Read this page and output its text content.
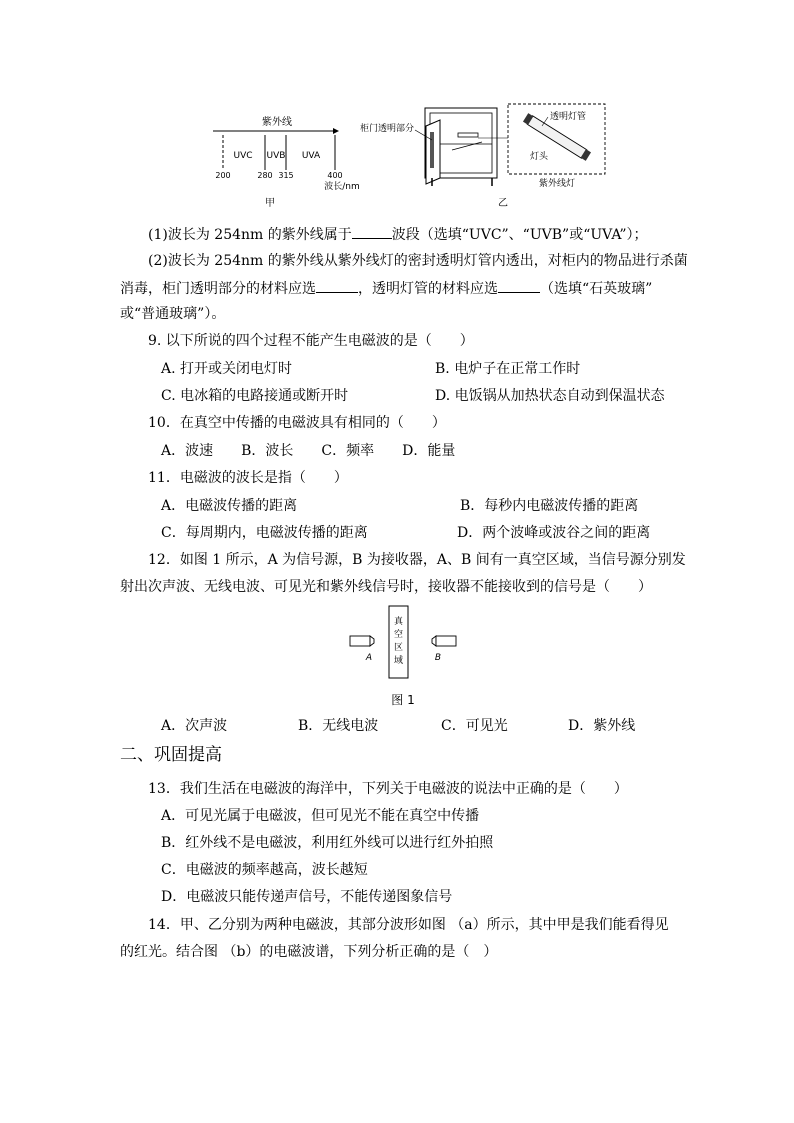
紫外线
UVC UVB UVA
200	280 315	400
波长/nm
甲
柜门透明部分
透明灯管
灯头
紫外线灯
乙
(1)波长为 254nm 的紫外线属于	波段（选填“UVC”、“UVB”或“UVA”）；
(2)波长为 254nm 的紫外线从紫外线灯的密封透明灯管内透出，对柜内的物品进行杀菌
消毒，柜门透明部分的材料应选	，透明灯管的材料应选	（选填“石英玻璃”
或“普通玻璃”）。
9. 以下所说的四个过程不能产生电磁波的是（　　）
A. 打开或关闭电灯时	B. 电炉子在正常工作时
C. 电冰箱的电路接通或断开时	D. 电饭锅从加热状态自动到保温状态
10．在真空中传播的电磁波具有相同的（　　）
A．波速　　B．波长　　C．频率　　D．能量
11．电磁波的波长是指（　　）
A．电磁波传播的距离	B．每秒内电磁波传播的距离
C．每周期内，电磁波传播的距离	D．两个波峰或波谷之间的距离
12．如图 1 所示，A 为信号源，B 为接收器，A、B 间有一真空区域，当信号源分别发
射出次声波、无线电波、可见光和紫外线信号时，接收器不能接收到的信号是（　　）
A
真
空
区
域	B
图 1
A．次声波	B．无线电波	C．可见光	D．紫外线
二、巩固提高
13．我们生活在电磁波的海洋中，下列关于电磁波的说法中正确的是（　　）
A．可见光属于电磁波，但可见光不能在真空中传播
B．红外线不是电磁波，利用红外线可以进行红外拍照
C．电磁波的频率越高，波长越短
D．电磁波只能传递声信号，不能传递图象信号
14．甲、乙分别为两种电磁波，其部分波形如图 （a）所示，其中甲是我们能看得见
的红光。结合图 （b）的电磁波谱，下列分析正确的是（　）
